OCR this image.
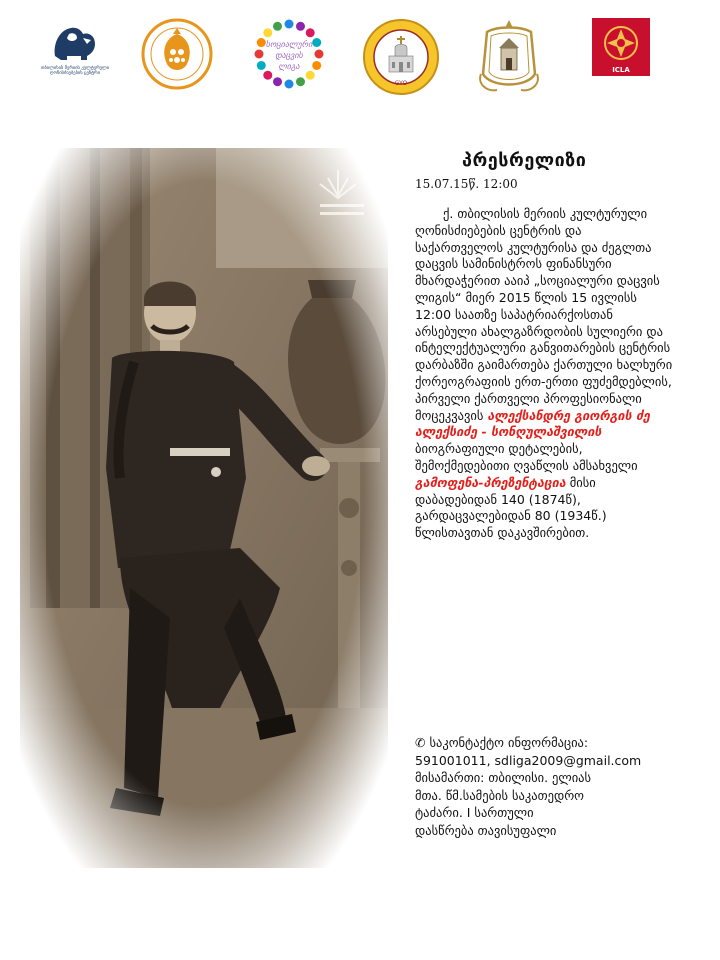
თბილისის მერიის კულტურული ღონისძიებების ცენტრი
სოციალური
დაცვის
ლიგა
GYO
ICLA
პრესრელიზი
15.07.15წ. 12:00

ქ. თბილისის მერიის კულტურული ღონისძიებების ცენტრის და საქართველოს კულტურისა და ძეგლთა დაცვის სამინისტროს ფინანსური მხარდაჭერით ააიპ „სოციალური დაცვის ლიგის“ მიერ 2015 წლის 15 ივლისს 12:00 საათზე საპატრიარქოსთან არსებული ახალგაზრდობის სულიერი და ინტელექტუალური განვითარების ცენტრის დარბაზში გაიმართება ქართული ხალხური ქორეოგრაფიის ერთ-ერთი ფუძემდებლის, პირველი ქართველი პროფესიონალი მოცეკვავის ალექსანდრე გიორგის ძე ალექსიძე - სონღულაშვილის ბიოგრაფიული დეტალების, შემოქმედებითი ღვაწლის ამსახველი გამოფენა-პრეზენტაცია მისი დაბადებიდან 140 (1874წ), გარდაცვალებიდან 80 (1934წ.) წლისთავთან დაკავშირებით.

✆ საკონტაქტო ინფორმაცია:
591001011, sdliga2009@gmail.com
მისამართი: თბილისი. ელიას
მთა. წმ.სამების საკათედრო
ტაძარი. I სართული
დასწრება თავისუფალი
